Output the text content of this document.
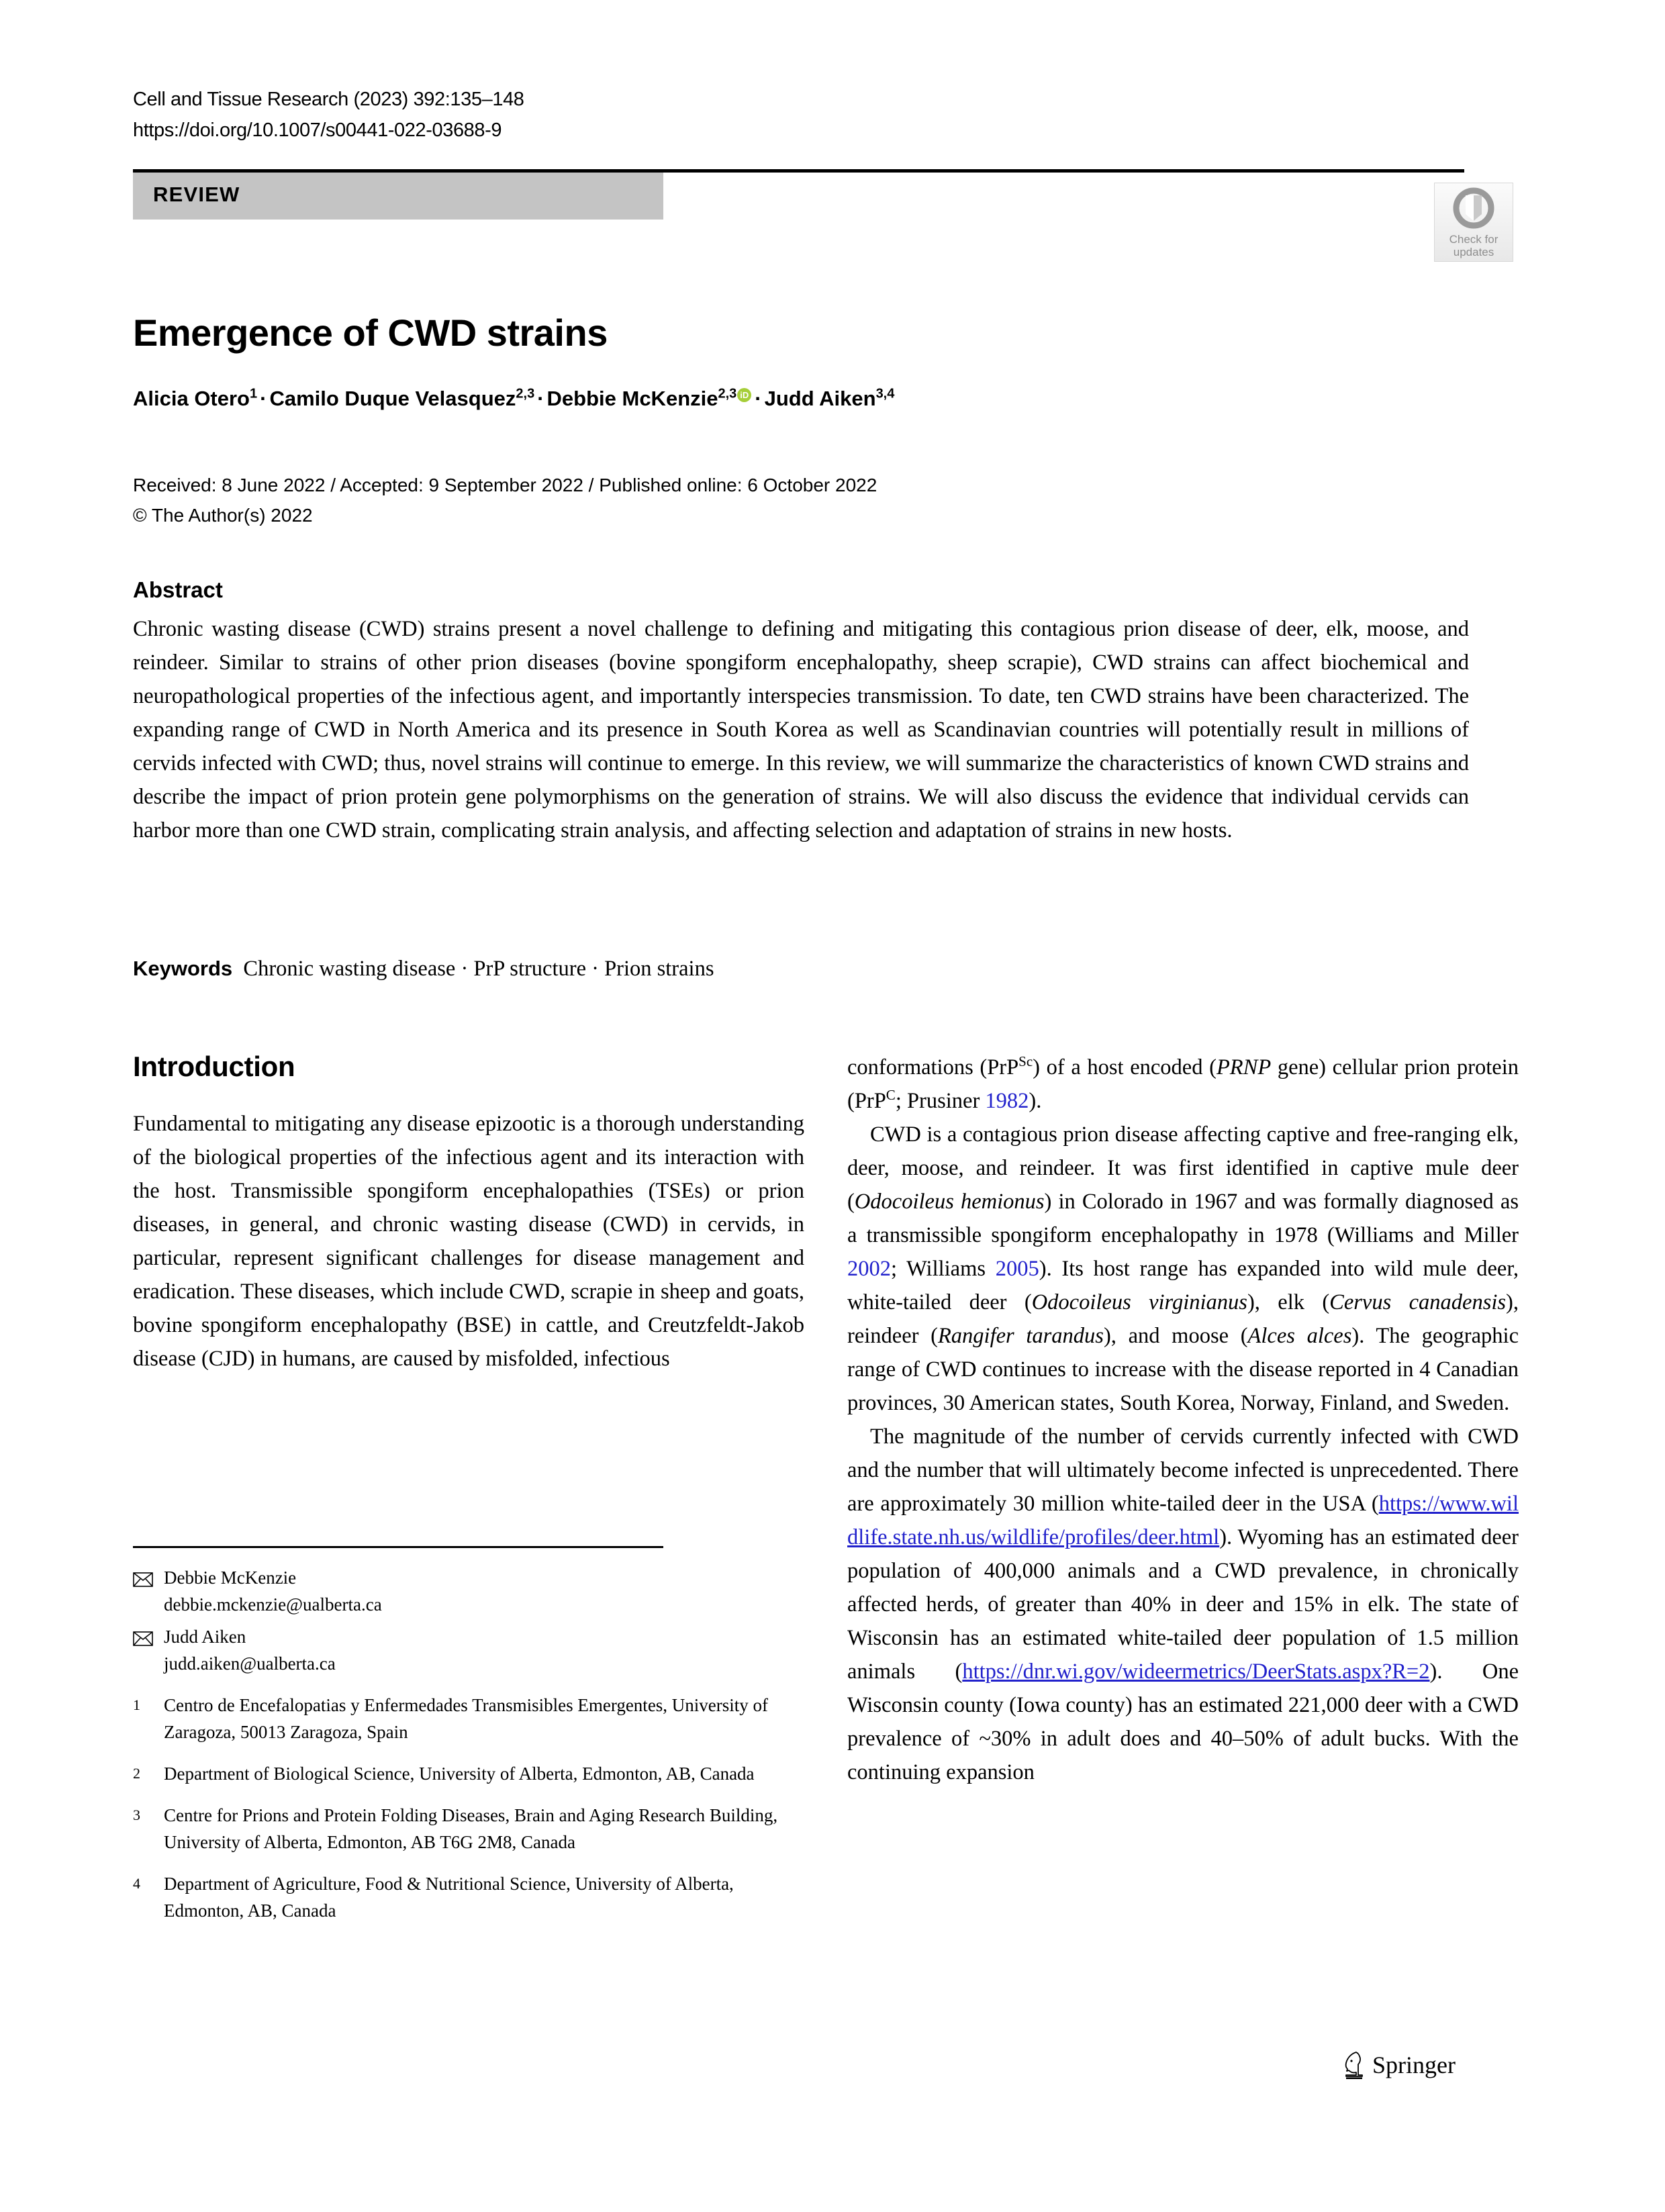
Cell and Tissue Research (2023) 392:135–148
https://doi.org/10.1007/s00441-022-03688-9
REVIEW
Check for
updates
Emergence of CWD strains
Alicia Otero$^1$ · Camilo Duque Velasquez$^{2,3}$ · Debbie McKenzie$^{2,3}$ iD · Judd Aiken$^{3,4}$
Received: 8 June 2022 / Accepted: 9 September 2022 / Published online: 6 October 2022
© The Author(s) 2022
Abstract
Chronic wasting disease (CWD) strains present a novel challenge to defining and mitigating this contagious prion disease of deer, elk, moose, and reindeer. Similar to strains of other prion diseases (bovine spongiform encephalopathy, sheep scrapie), CWD strains can affect biochemical and neuropathological properties of the infectious agent, and importantly interspecies transmission. To date, ten CWD strains have been characterized. The expanding range of CWD in North America and its presence in South Korea as well as Scandinavian countries will potentially result in millions of cervids infected with CWD; thus, novel strains will continue to emerge. In this review, we will summarize the characteristics of known CWD strains and describe the impact of prion protein gene polymorphisms on the generation of strains. We will also discuss the evidence that individual cervids can harbor more than one CWD strain, complicating strain analysis, and affecting selection and adaptation of strains in new hosts.
Keywords Chronic wasting disease · PrP structure · Prion strains
Introduction

Fundamental to mitigating any disease epizootic is a thorough understanding of the biological properties of the infectious agent and its interaction with the host. Transmissible spongiform encephalopathies (TSEs) or prion diseases, in general, and chronic wasting disease (CWD) in cervids, in particular, represent significant challenges for disease management and eradication. These diseases, which include CWD, scrapie in sheep and goats, bovine spongiform encephalopathy (BSE) in cattle, and Creutzfeldt-Jakob disease (CJD) in humans, are caused by misfolded, infectious

conformations (PrP$^{Sc}$) of a host encoded (PRNP gene) cellular prion protein (PrP$^C$; Prusiner 1982).

CWD is a contagious prion disease affecting captive and free-ranging elk, deer, moose, and reindeer. It was first identified in captive mule deer (Odocoileus hemionus) in Colorado in 1967 and was formally diagnosed as a transmissible spongiform encephalopathy in 1978 (Williams and Miller 2002; Williams 2005). Its host range has expanded into wild mule deer, white-tailed deer (Odocoileus virginianus), elk (Cervus canadensis), reindeer (Rangifer tarandus), and moose (Alces alces). The geographic range of CWD continues to increase with the disease reported in 4 Canadian provinces, 30 American states, South Korea, Norway, Finland, and Sweden.

The magnitude of the number of cervids currently infected with CWD and the number that will ultimately become infected is unprecedented. There are approximately 30 million white-tailed deer in the USA (https://www.wildlife.state.nh.us/wildlife/profiles/deer.html). Wyoming has an estimated deer population of 400,000 animals and a CWD prevalence, in chronically affected herds, of greater than 40% in deer and 15% in elk. The state of Wisconsin has an estimated white-tailed deer population of 1.5 million animals (https://dnr.wi.gov/wideermetrics/DeerStats.aspx?R=2). One Wisconsin county (Iowa county) has an estimated 221,000 deer with a CWD prevalence of ~30% in adult does and 40–50% of adult bucks. With the continuing expansion

Debbie McKenzie
debbie.mckenzie@ualberta.ca
Judd Aiken
judd.aiken@ualberta.ca
1	Centro de Encefalopatias y Enfermedades Transmisibles Emergentes, University of Zaragoza, 50013 Zaragoza, Spain
2	Department of Biological Science, University of Alberta, Edmonton, AB, Canada
3	Centre for Prions and Protein Folding Diseases, Brain and Aging Research Building, University of Alberta, Edmonton, AB T6G 2M8, Canada
4	Department of Agriculture, Food & Nutritional Science, University of Alberta, Edmonton, AB, Canada
Springer
